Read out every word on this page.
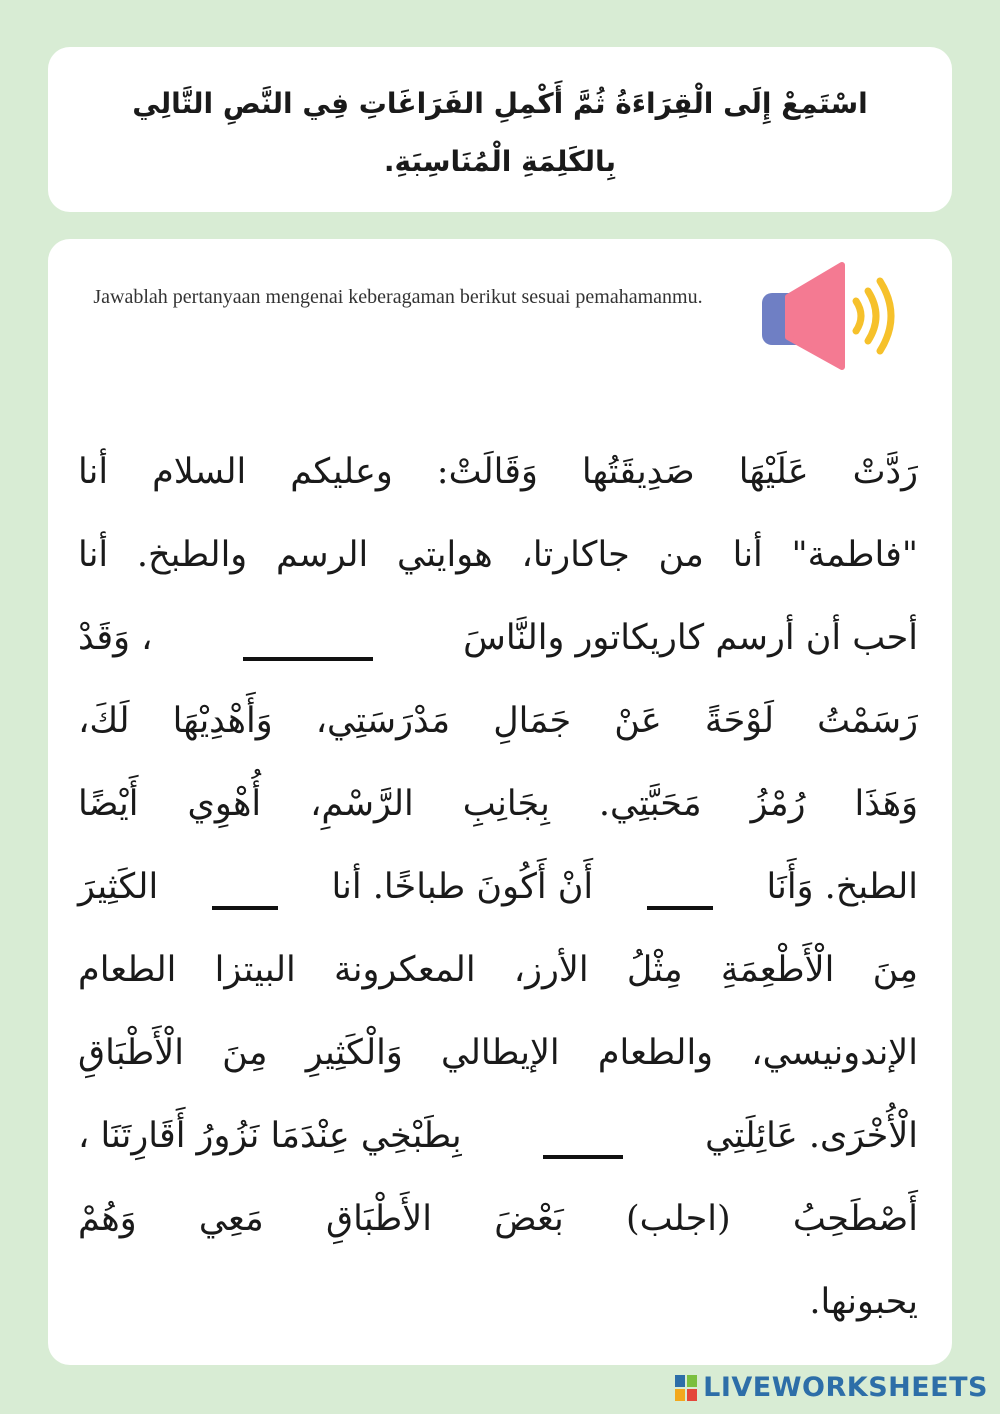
اسْتَمِعْ إِلَى الْقِرَاءَةُ ثُمَّ أَكْمِلِ الفَرَاغَاتِ فِي النَّصِ التَّالِي بِالكَلِمَةِ الْمُنَاسِبَةِ.
Jawablah pertanyaan mengenai keberagaman berikut sesuai pemahamanmu.
رَدَّتْ
عَلَيْهَا
صَدِيقَتُها
وَقَالَتْ:
وعليكم
السلام
أنا
"فاطمة"
أنا
من
جاكارتا،
هوايتي
الرسم
والطبخ.
أنا
أحب أن أرسم كاريكاتور والنَّاسَ
، وَقَدْ
رَسَمْتُ
لَوْحَةً
عَنْ
جَمَالِ
مَدْرَسَتِي،
وَأَهْدِيْهَا
لَكَ،
وَهَذَا
رُمْزُ
مَحَبَّتِي.
بِجَانِبِ
الرَّسْمِ،
أُهْوِي
أَيْضًا
الطبخ. وَأَنَا
أَنْ أَكُونَ طباخًا. أنا
الكَثِيرَ
مِنَ
الْأَطْعِمَةِ
مِثْلُ
الأرز،
المعكرونة
البيتزا
الطعام
الإندونيسي،
والطعام
الإيطالي
وَالْكَثِيرِ
مِنَ
الْأَطْبَاقِ
الْأُخْرَى. عَائِلَتِي
بِطَبْخِي عِنْدَمَا نَزُورُ أَقَارِتَنَا ،
أَصْطَحِبُ
(اجلب)
بَعْضَ
الأَطْبَاقِ
مَعِي
وَهُمْ
يحبونها.
LIVEWORKSHEETS
